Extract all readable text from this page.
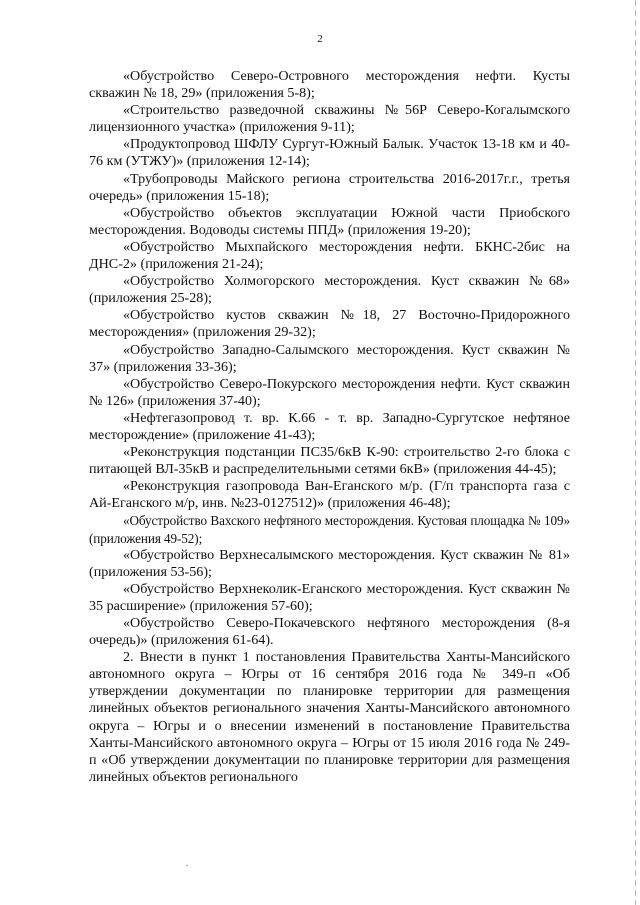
2

«Обустройство Северо-Островного месторождения нефти. Кусты скважин № 18, 29» (приложения 5-8);

«Строительство разведочной скважины №56Р Северо-Когалымского лицензионного участка» (приложения 9-11);

«Продуктопровод ШФЛУ Сургут-Южный Балык. Участок 13-18 км и 40-76 км (УТЖУ)» (приложения 12-14);

«Трубопроводы Майского региона строительства 2016-2017г.г., третья очередь» (приложения 15-18);

«Обустройство объектов эксплуатации Южной части Приобского месторождения. Водоводы системы ППД» (приложения 19-20);

«Обустройство Мыхпайского месторождения нефти. БКНС-2бис на ДНС-2» (приложения 21-24);

«Обустройство Холмогорского месторождения. Куст скважин №68» (приложения 25-28);

«Обустройство кустов скважин №18, 27 Восточно-Придорожного месторождения» (приложения 29-32);

«Обустройство Западно-Салымского месторождения. Куст скважин № 37» (приложения 33-36);

«Обустройство Северо-Покурского месторождения нефти. Куст скважин № 126» (приложения 37-40);

«Нефтегазопровод т. вр. К.66 - т. вр. Западно-Сургутское нефтяное месторождение» (приложение 41-43);

«Реконструкция подстанции ПС35/6кВ К-90: строительство 2-го блока с питающей ВЛ-35кВ и распределительными сетями 6кВ» (приложения 44-45);

«Реконструкция газопровода Ван-Еганского м/р. (Г/п транспорта газа с Ай-Еганского м/р, инв. №23-0127512)» (приложения 46-48);

«Обустройство Вахского нефтяного месторождения. Кустовая площадка № 109» (приложения 49-52);

«Обустройство Верхнесалымского месторождения. Куст скважин № 81» (приложения 53-56);

«Обустройство Верхнеколик-Еганского месторождения. Куст скважин № 35 расширение» (приложения 57-60);

«Обустройство Северо-Покачевского нефтяного месторождения (8-я очередь)» (приложения 61-64).

2. Внести в пункт 1 постановления Правительства Ханты-Мансийского автономного округа – Югры от 16 сентября 2016 года № 349-п «Об утверждении документации по планировке территории для размещения линейных объектов регионального значения Ханты-Мансийского автономного округа – Югры и о внесении изменений в постановление Правительства Ханты-Мансийского автономного округа – Югры от 15 июля 2016 года № 249-п «Об утверждении документации по планировке территории для размещения линейных объектов регионального

.
